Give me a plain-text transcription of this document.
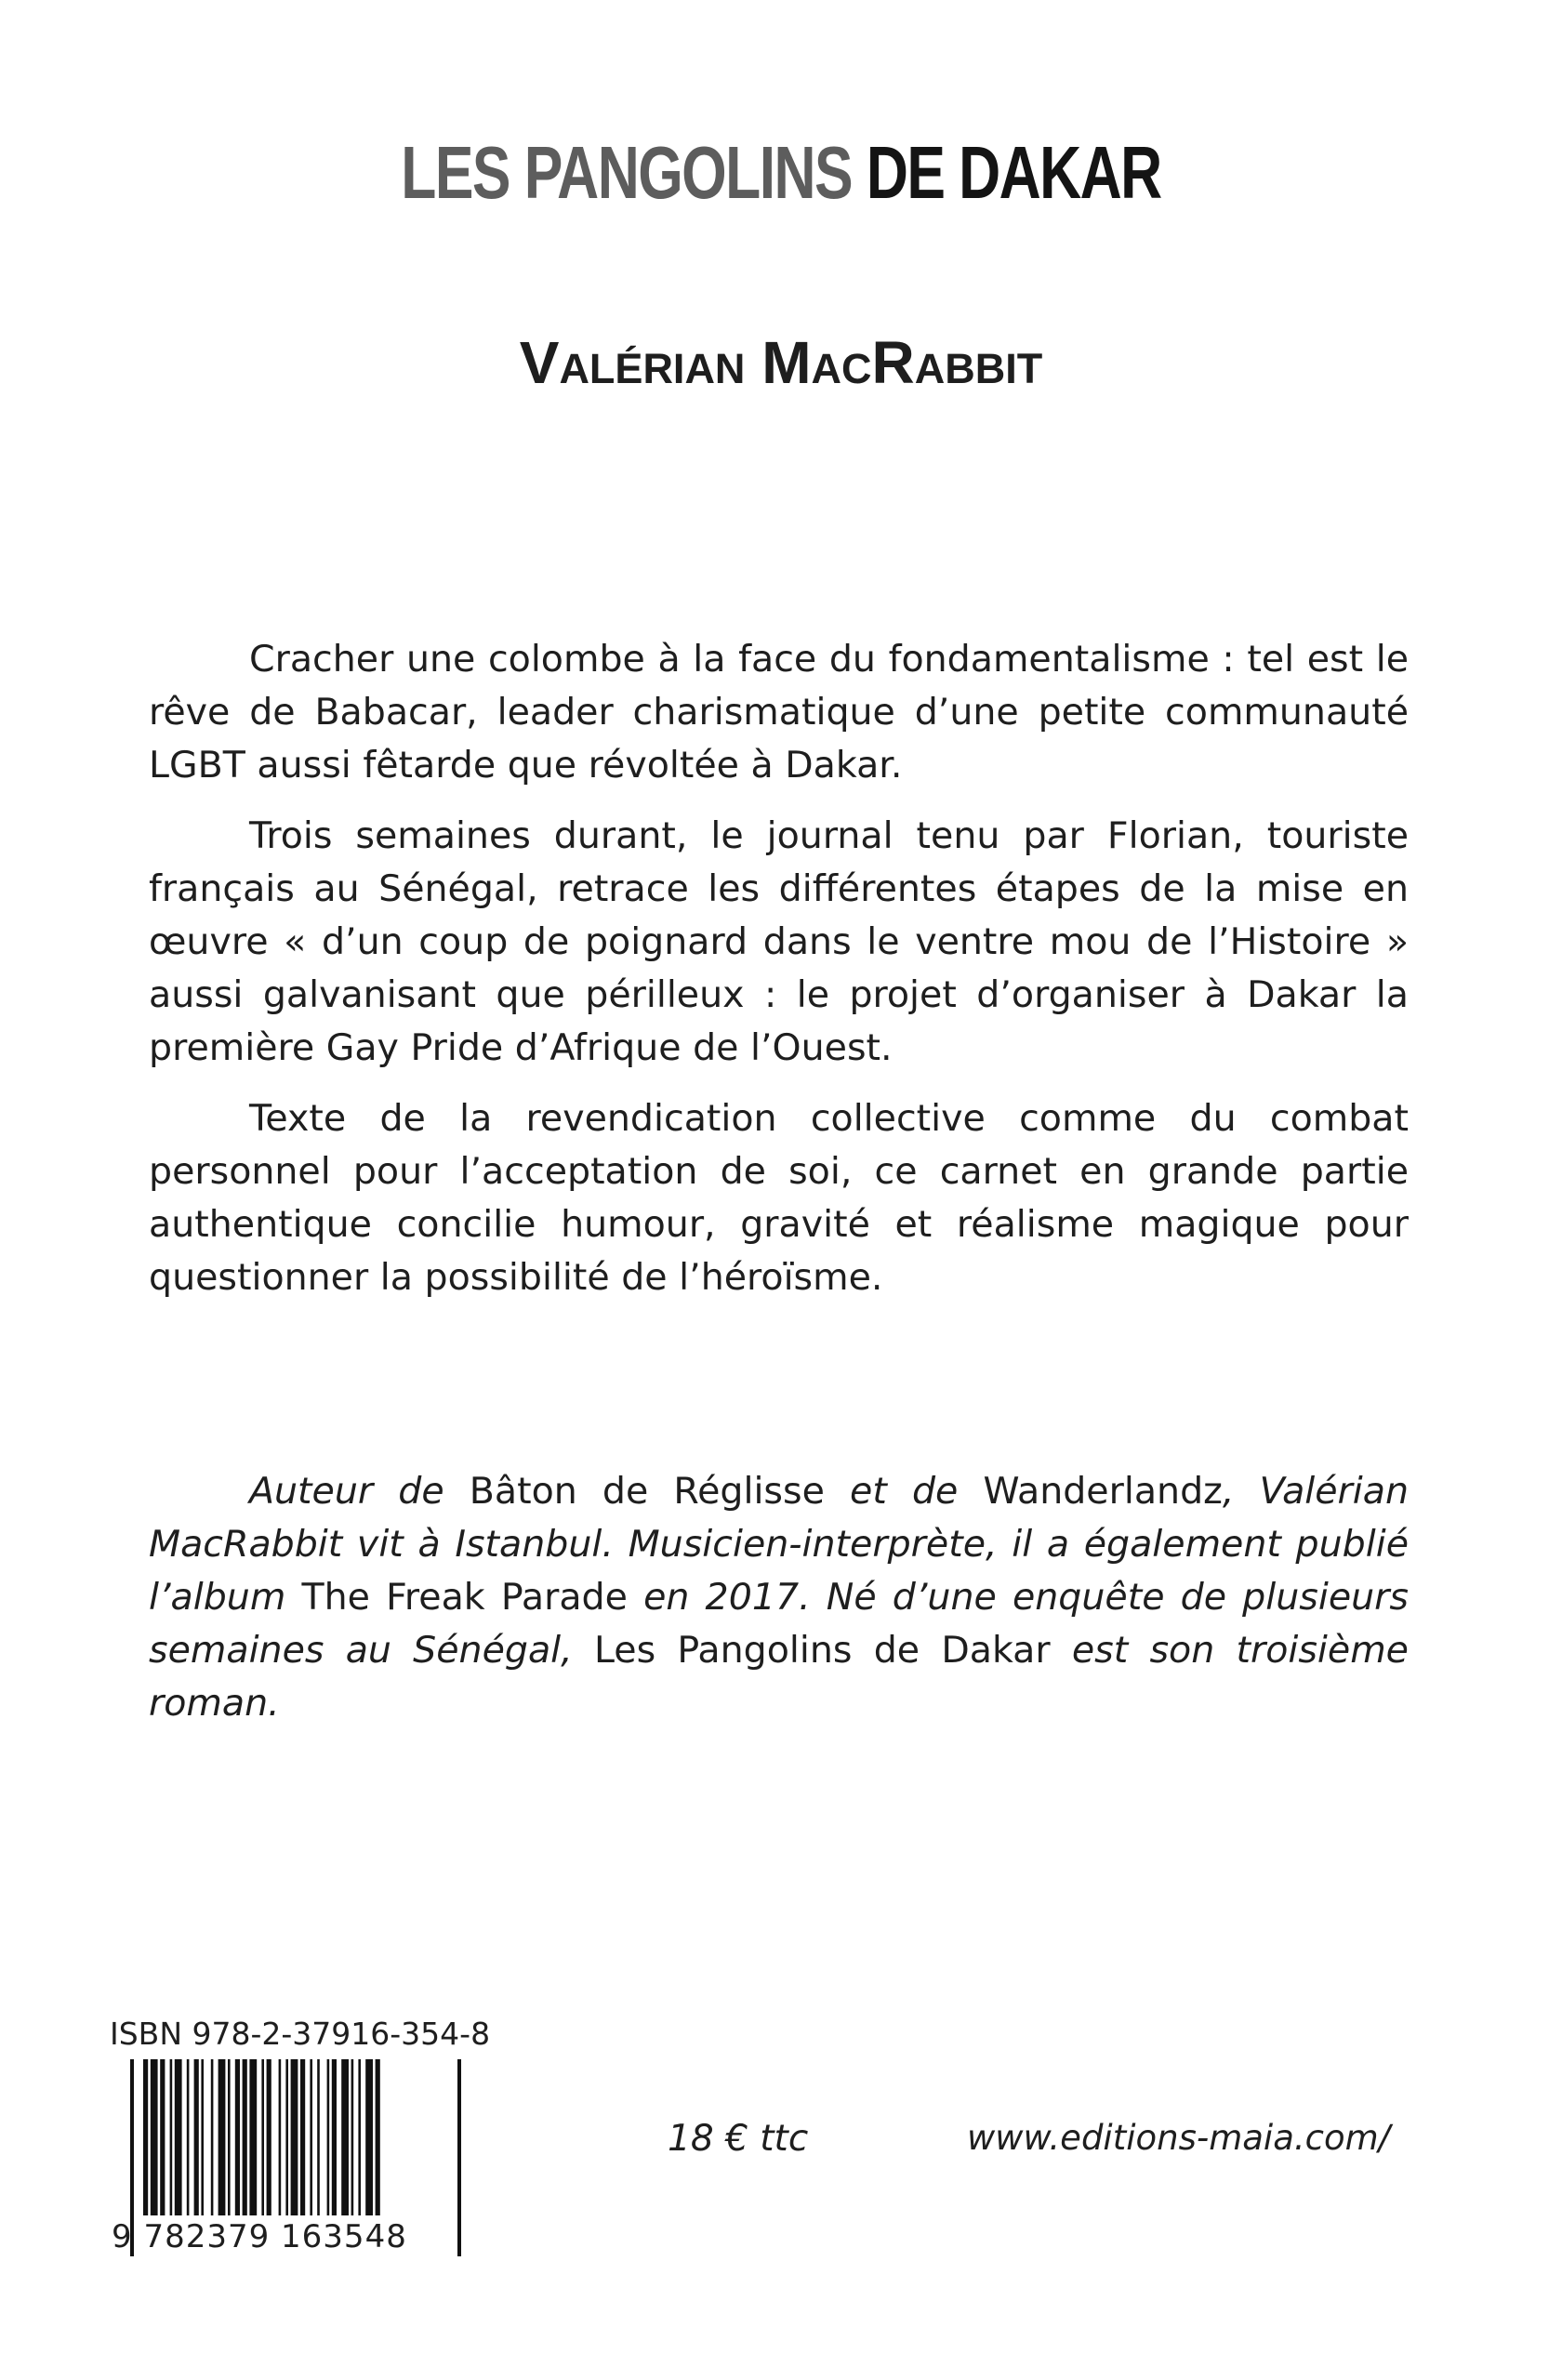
LES PANGOLINS DE DAKAR
Valérian MacRabbit

Cracher une colombe à la face du fondamentalisme : tel est le rêve de Babacar, leader charismatique d’une petite communauté LGBT aussi fêtarde que révoltée à Dakar.

Trois semaines durant, le journal tenu par Florian, touriste français au Sénégal, retrace les différentes étapes de la mise en œuvre « d’un coup de poignard dans le ventre mou de l’Histoire » aussi galvanisant que périlleux : le projet d’organiser à Dakar la première Gay Pride d’Afrique de l’Ouest.

Texte de la revendication collective comme du combat personnel pour l’acceptation de soi, ce carnet en grande partie authentique concilie humour, gravité et réalisme magique pour questionner la possibilité de l’héroïsme.

Auteur de Bâton de Réglisse et de Wanderlandz, Valérian MacRabbit vit à Istanbul. Musicien-interprète, il a également publié l’album The Freak Parade en 2017. Né d’une enquête de plusieurs semaines au Sénégal, Les Pangolins de Dakar est son troisième roman.

ISBN 978-2-37916-354-8

9 782379 163548

18 € ttc	www.editions-maia.com/
